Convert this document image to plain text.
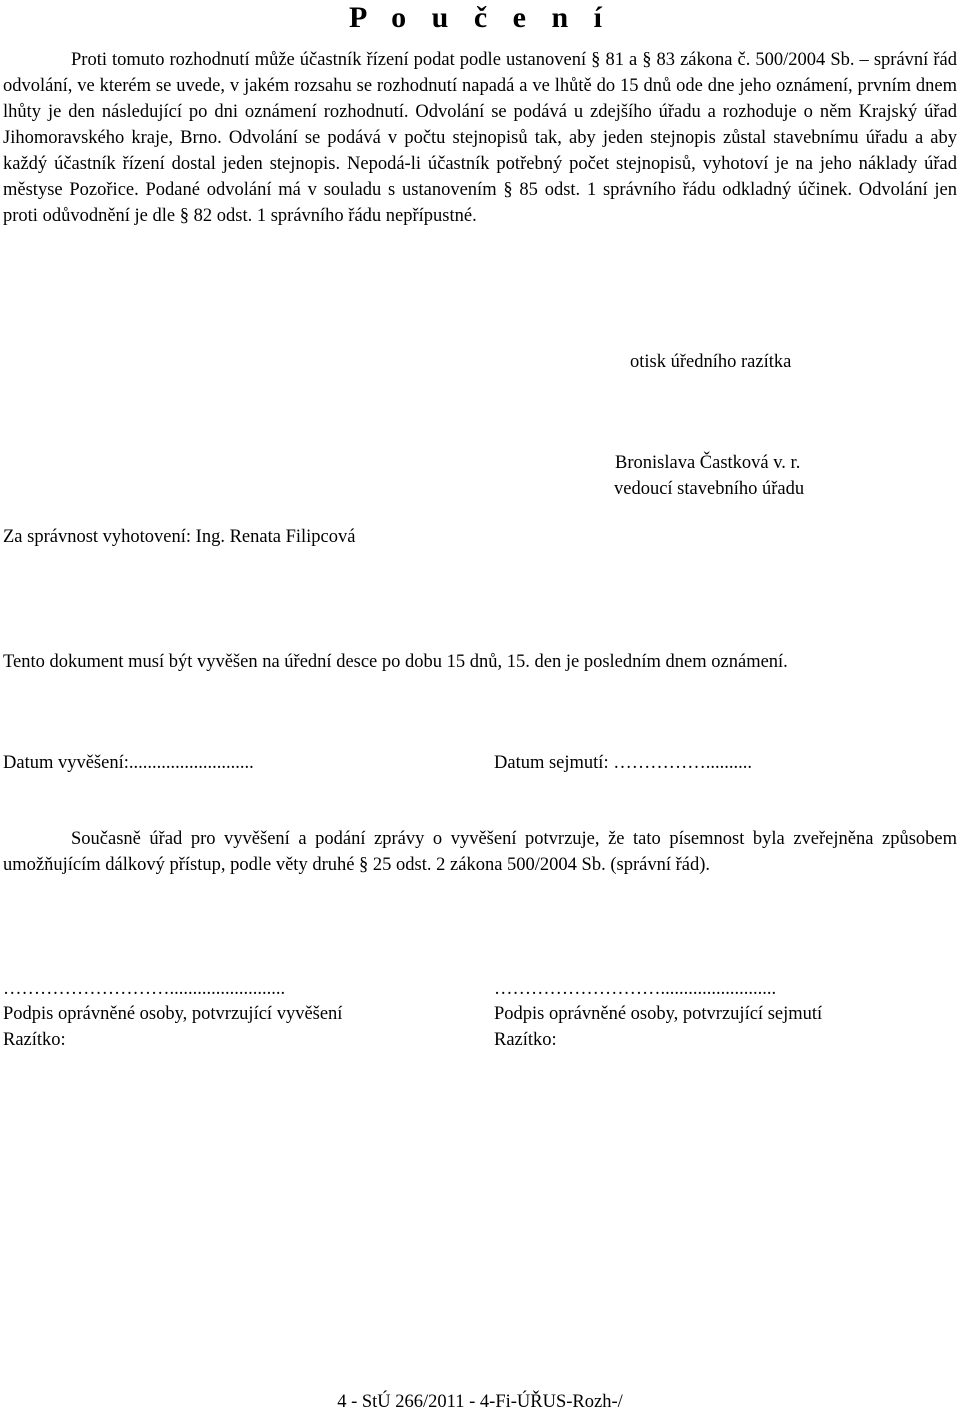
P o u č e n í

Proti tomuto rozhodnutí může účastník řízení podat podle ustanovení § 81 a § 83 zákona č. 500/2004 Sb. – správní řád odvolání, ve kterém se uvede, v jakém rozsahu se rozhodnutí napadá a ve lhůtě do 15 dnů ode dne jeho oznámení, prvním dnem lhůty je den následující po dni oznámení rozhodnutí. Odvolání se podává u zdejšího úřadu a rozhoduje o něm Krajský úřad Jihomoravského kraje, Brno. Odvolání se podává v počtu stejnopisů tak, aby jeden stejnopis zůstal stavebnímu úřadu a aby každý účastník řízení dostal jeden stejnopis. Nepodá-li účastník potřebný počet stejnopisů, vyhotoví je na jeho náklady úřad městyse Pozořice. Podané odvolání má v souladu s ustanovením § 85 odst. 1 správního řádu odkladný účinek. Odvolání jen proti odůvodnění je dle § 82 odst. 1 správního řádu nepřípustné.

otisk úředního razítka
Bronislava Častková v. r.
vedoucí stavebního úřadu
Za správnost vyhotovení: Ing. Renata Filipcová
Tento dokument musí být vyvěšen na úřední desce po dobu 15 dnů, 15. den je posledním dnem oznámení.
Datum vyvěšení:...........................	Datum sejmutí: ……………..........

Současně úřad pro vyvěšení a podání zprávy o vyvěšení potvrzuje, že tato písemnost byla zveřejněna způsobem umožňujícím dálkový přístup, podle věty druhé § 25 odst. 2 zákona 500/2004 Sb. (správní řád).

……………………….........................
Podpis oprávněné osoby, potvrzující vyvěšení
Razítko:
……………………….........................
Podpis oprávněné osoby, potvrzující sejmutí
Razítko:
4 - StÚ 266/2011 - 4-Fi-ÚŘUS-Rozh-/
